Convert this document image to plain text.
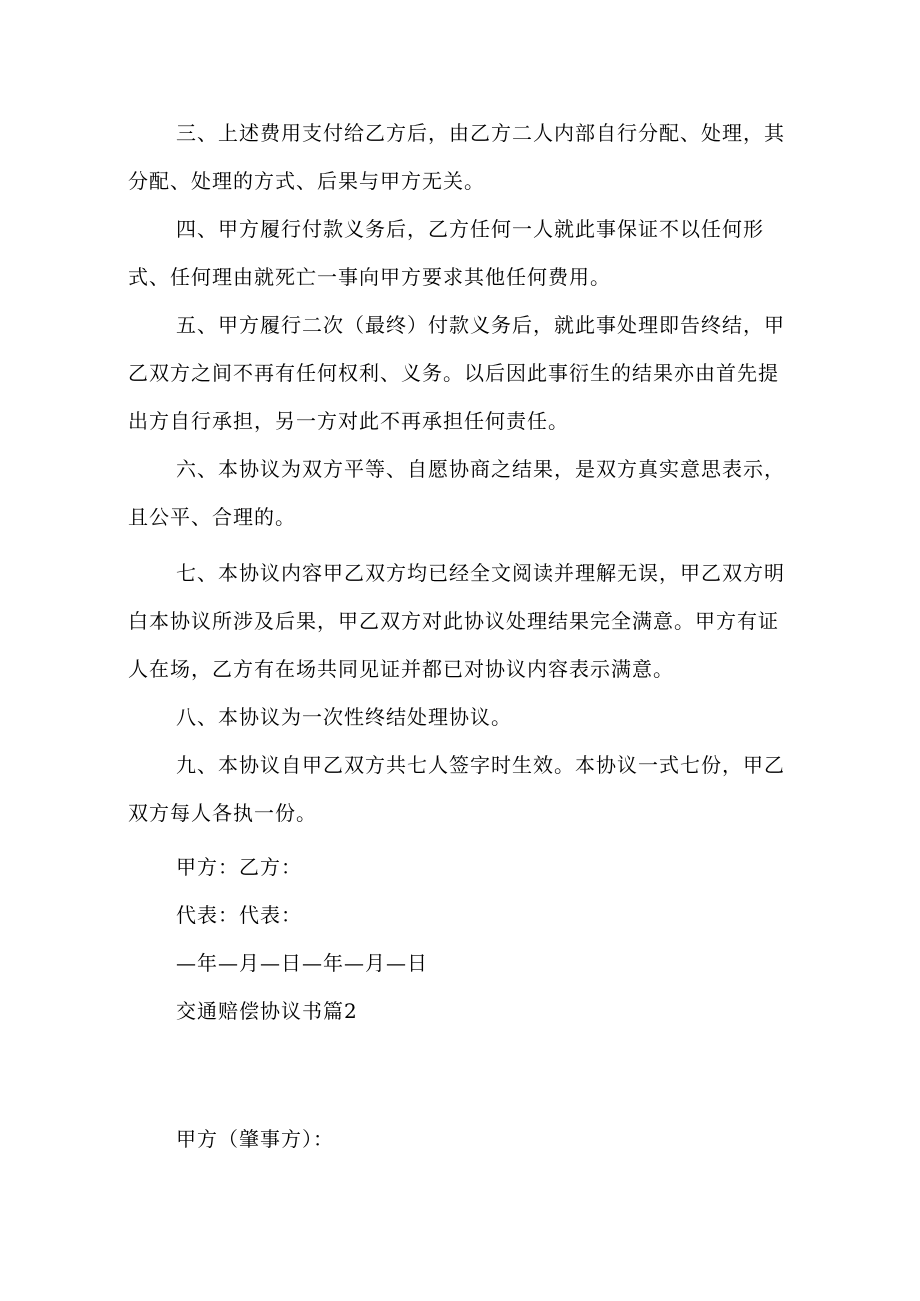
三、上述费用支付给乙方后，由乙方二人内部自行分配、处理，其分配、处理的方式、后果与甲方无关。

四、甲方履行付款义务后，乙方任何一人就此事保证不以任何形式、任何理由就死亡一事向甲方要求其他任何费用。

五、甲方履行二次（最终）付款义务后，就此事处理即告终结，甲乙双方之间不再有任何权利、义务。以后因此事衍生的结果亦由首先提出方自行承担，另一方对此不再承担任何责任。

六、本协议为双方平等、自愿协商之结果，是双方真实意思表示，且公平、合理的。

七、本协议内容甲乙双方均已经全文阅读并理解无误，甲乙双方明白本协议所涉及后果，甲乙双方对此协议处理结果完全满意。甲方有证人在场，乙方有在场共同见证并都已对协议内容表示满意。

八、本协议为一次性终结处理协议。

九、本协议自甲乙双方共七人签字时生效。本协议一式七份，甲乙双方每人各执一份。

甲方：乙方：

代表：代表：

—年—月—日—年—月—日

交通赔偿协议书篇2

甲方（肇事方）：
